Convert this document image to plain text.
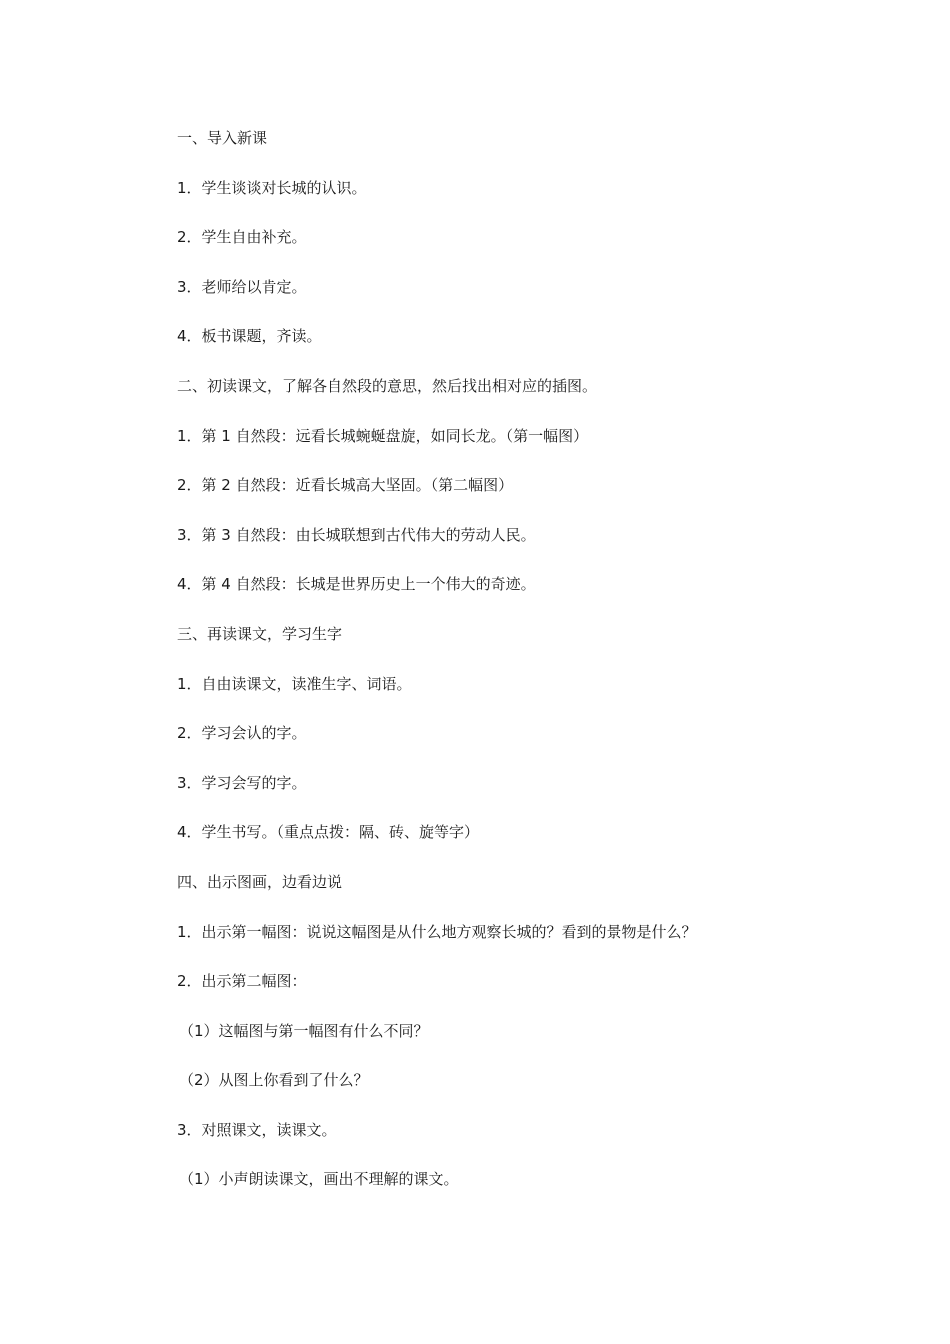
一、导入新课
1．学生谈谈对长城的认识。
2．学生自由补充。
3．老师给以肯定。
4．板书课题，齐读。
二、初读课文，了解各自然段的意思，然后找出相对应的插图。
1．第 1 自然段：远看长城蜿蜒盘旋，如同长龙。（第一幅图）
2．第 2 自然段：近看长城高大坚固。（第二幅图）
3．第 3 自然段：由长城联想到古代伟大的劳动人民。
4．第 4 自然段：长城是世界历史上一个伟大的奇迹。
三、再读课文，学习生字
1．自由读课文，读准生字、词语。
2．学习会认的字。
3．学习会写的字。
4．学生书写。（重点点拨：隔、砖、旋等字）
四、出示图画，边看边说
1．出示第一幅图：说说这幅图是从什么地方观察长城的？看到的景物是什么？
2．出示第二幅图：
（1）这幅图与第一幅图有什么不同？
（2）从图上你看到了什么？
3．对照课文，读课文。
（1）小声朗读课文，画出不理解的课文。
